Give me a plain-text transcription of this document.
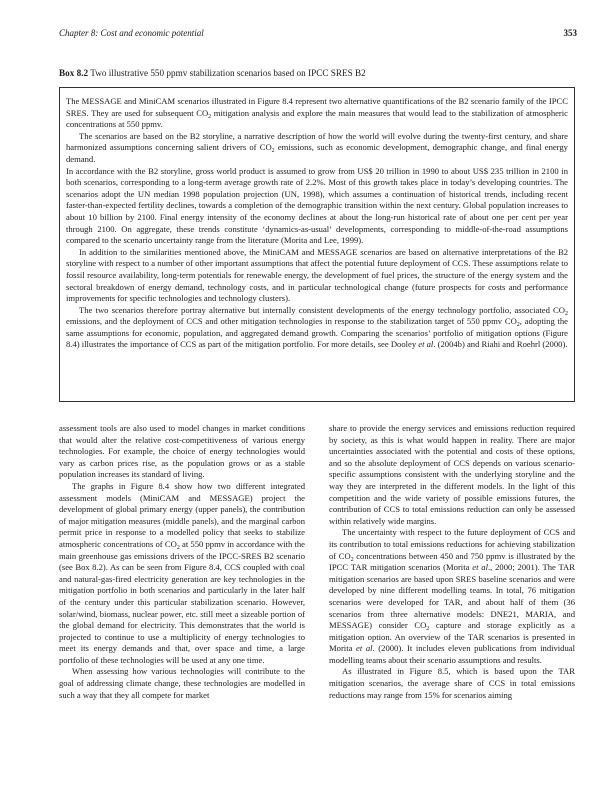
Chapter 8: Cost and economic potential	353
Box 8.2 Two illustrative 550 ppmv stabilization scenarios based on IPCC SRES B2

The MESSAGE and MiniCAM scenarios illustrated in Figure 8.4 represent two alternative quantifications of the B2 scenario family of the IPCC SRES. They are used for subsequent $CO_2$ mitigation analysis and explore the main measures that would lead to the stabilization of atmospheric concentrations at 550 ppmv.

The scenarios are based on the B2 storyline, a narrative description of how the world will evolve during the twenty-first century, and share harmonized assumptions concerning salient drivers of $CO_2$ emissions, such as economic development, demographic change, and final energy demand.

In accordance with the B2 storyline, gross world product is assumed to grow from US$ 20 trillion in 1990 to about US$ 235 trillion in 2100 in both scenarios, corresponding to a long-term average growth rate of 2.2%. Most of this growth takes place in today’s developing countries. The scenarios adopt the UN median 1998 population projection (UN, 1998), which assumes a continuation of historical trends, including recent faster-than-expected fertility declines, towards a completion of the demographic transition within the next century. Global population increases to about 10 billion by 2100. Final energy intensity of the economy declines at about the long-run historical rate of about one per cent per year through 2100. On aggregate, these trends constitute ‘dynamics-as-usual’ developments, corresponding to middle-of-the-road assumptions compared to the scenario uncertainty range from the literature (Morita and Lee, 1999).

In addition to the similarities mentioned above, the MiniCAM and MESSAGE scenarios are based on alternative interpretations of the B2 storyline with respect to a number of other important assumptions that affect the potential future deployment of CCS. These assumptions relate to fossil resource availability, long-term potentials for renewable energy, the development of fuel prices, the structure of the energy system and the sectoral breakdown of energy demand, technology costs, and in particular technological change (future prospects for costs and performance improvements for specific technologies and technology clusters).

The two scenarios therefore portray alternative but internally consistent developments of the energy technology portfolio, associated $CO_2$ emissions, and the deployment of CCS and other mitigation technologies in response to the stabilization target of 550 ppmv $CO_2$, adopting the same assumptions for economic, population, and aggregated demand growth. Comparing the scenarios’ portfolio of mitigation options (Figure 8.4) illustrates the importance of CCS as part of the mitigation portfolio. For more details, see Dooley et al. (2004b) and Riahi and Roehrl (2000).

assessment tools are also used to model changes in market conditions that would alter the relative cost-competitiveness of various energy technologies. For example, the choice of energy technologies would vary as carbon prices rise, as the population grows or as a stable population increases its standard of living.

The graphs in Figure 8.4 show how two different integrated assessment models (MiniCAM and MESSAGE) project the development of global primary energy (upper panels), the contribution of major mitigation measures (middle panels), and the marginal carbon permit price in response to a modelled policy that seeks to stabilize atmospheric concentrations of $CO_2$ at 550 ppmv in accordance with the main greenhouse gas emissions drivers of the IPCC-SRES B2 scenario (see Box 8.2). As can be seen from Figure 8.4, CCS coupled with coal and natural-gas-fired electricity generation are key technologies in the mitigation portfolio in both scenarios and particularly in the later half of the century under this particular stabilization scenario. However, solar/wind, biomass, nuclear power, etc. still meet a sizeable portion of the global demand for electricity. This demonstrates that the world is projected to continue to use a multiplicity of energy technologies to meet its energy demands and that, over space and time, a large portfolio of these technologies will be used at any one time.

When assessing how various technologies will contribute to the goal of addressing climate change, these technologies are modelled in such a way that they all compete for market

share to provide the energy services and emissions reduction required by society, as this is what would happen in reality. There are major uncertainties associated with the potential and costs of these options, and so the absolute deployment of CCS depends on various scenario-specific assumptions consistent with the underlying storyline and the way they are interpreted in the different models. In the light of this competition and the wide variety of possible emissions futures, the contribution of CCS to total emissions reduction can only be assessed within relatively wide margins.

The uncertainty with respect to the future deployment of CCS and its contribution to total emissions reductions for achieving stabilization of $CO_2$ concentrations between 450 and 750 ppmv is illustrated by the IPCC TAR mitigation scenarios (Morita et al., 2000; 2001). The TAR mitigation scenarios are based upon SRES baseline scenarios and were developed by nine different modelling teams. In total, 76 mitigation scenarios were developed for TAR, and about half of them (36 scenarios from three alternative models: DNE21, MARIA, and MESSAGE) consider $CO_2$ capture and storage explicitly as a mitigation option. An overview of the TAR scenarios is presented in Morita et al. (2000). It includes eleven publications from individual modelling teams about their scenario assumptions and results.

As illustrated in Figure 8.5, which is based upon the TAR mitigation scenarios, the average share of CCS in total emissions reductions may range from 15% for scenarios aiming
